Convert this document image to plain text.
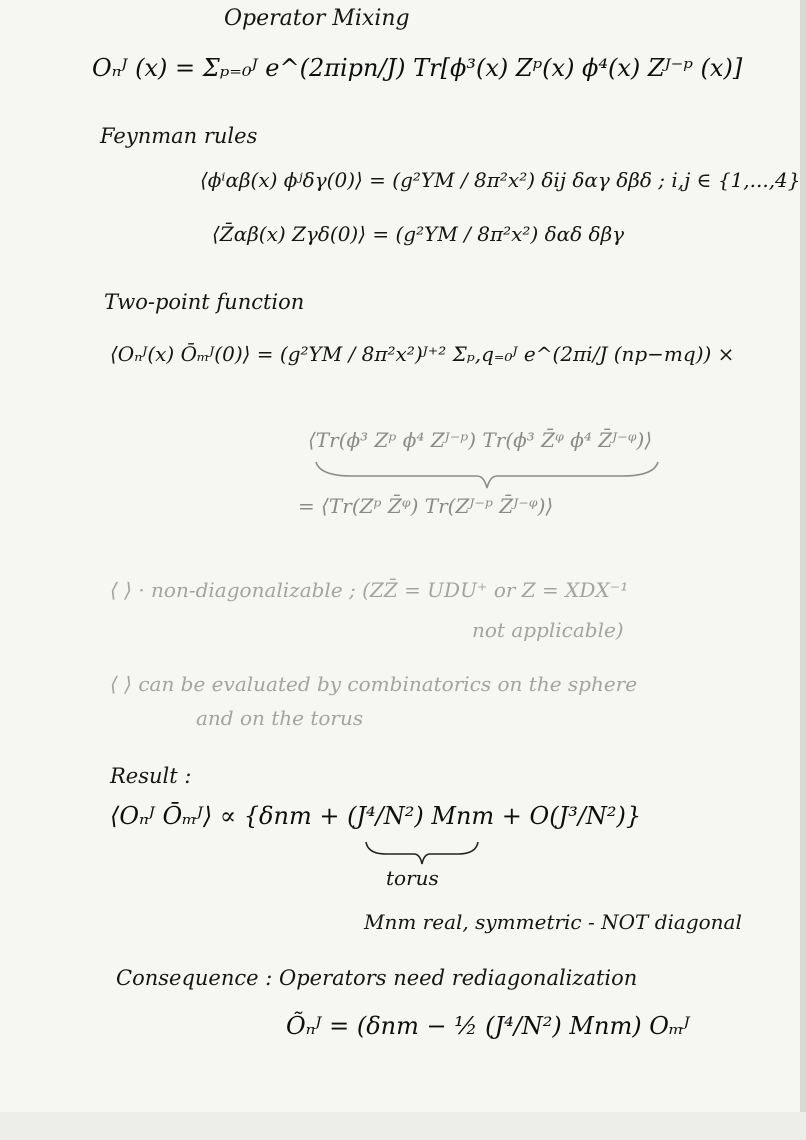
Operator Mixing
Oₙᴶ (x) = Σₚ₌₀ᴶ e^(2πipn/J) Tr[ϕ³(x) Zᵖ(x) ϕ⁴(x) Zᴶ⁻ᵖ (x)]
Feynman rules
⟨ϕⁱαβ(x) ϕʲδγ(0)⟩ = (g²YM / 8π²x²) δij δαγ δβδ ; i,j ∈ {1,...,4}
⟨Z̄αβ(x) Zγδ(0)⟩ = (g²YM / 8π²x²) δαδ δβγ
Two-point function
⟨Oₙᴶ(x) Ōₘᴶ(0)⟩ = (g²YM / 8π²x²)ᴶ⁺² Σₚ,q₌₀ᴶ e^(2πi/J (np−mq)) ×
⟨Tr(ϕ³ Zᵖ ϕ⁴ Zᴶ⁻ᵖ) Tr(ϕ³ Z̄ᵠ ϕ⁴ Z̄ᴶ⁻ᵠ)⟩
= ⟨Tr(Zᵖ Z̄ᵠ) Tr(Zᴶ⁻ᵖ Z̄ᴶ⁻ᵠ)⟩
⟨ ⟩ · non-diagonalizable ; (ZZ̄ = UDU⁺ or Z = XDX⁻¹
not applicable)
⟨ ⟩ can be evaluated by combinatorics on the sphere
and on the torus
Result :
⟨Oₙᴶ Ōₘᴶ⟩ ∝ {δnm + (J⁴/N²) Mnm + O(J³/N²)}
torus
Mnm real, symmetric - NOT diagonal
Consequence : Operators need rediagonalization
Õₙᴶ = (δnm − ½ (J⁴/N²) Mnm) Oₘᴶ
